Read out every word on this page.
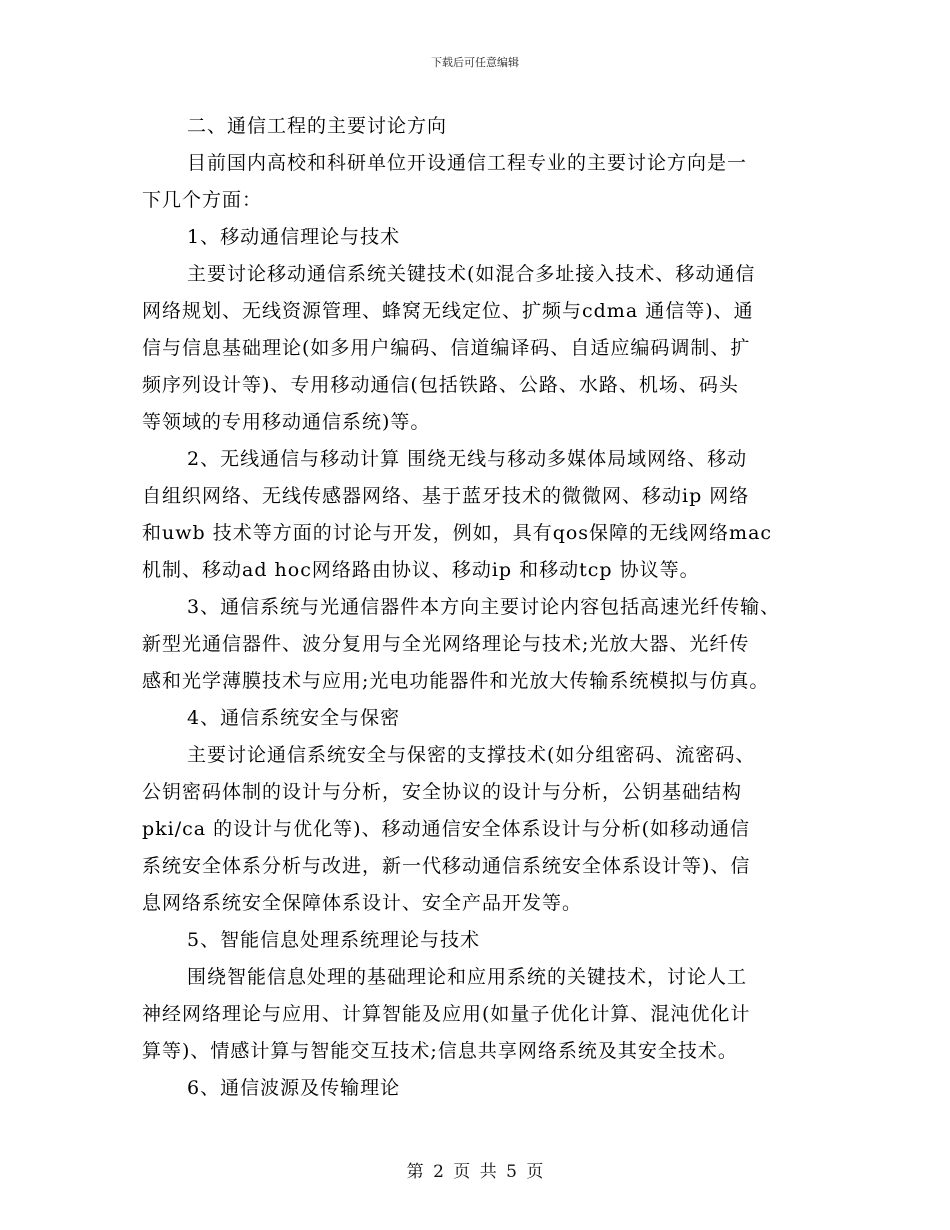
下载后可任意编辑
二、通信工程的主要讨论方向
目前国内高校和科研单位开设通信工程专业的主要讨论方向是一
下几个方面：
1、移动通信理论与技术
主要讨论移动通信系统关键技术(如混合多址接入技术、移动通信
网络规划、无线资源管理、蜂窝无线定位、扩频与cdma 通信等)、通
信与信息基础理论(如多用户编码、信道编译码、自适应编码调制、扩
频序列设计等)、专用移动通信(包括铁路、公路、水路、机场、码头
等领域的专用移动通信系统)等。
2、无线通信与移动计算 围绕无线与移动多媒体局域网络、移动
自组织网络、无线传感器网络、基于蓝牙技术的微微网、移动ip 网络
和uwb 技术等方面的讨论与开发，例如，具有qos保障的无线网络mac
机制、移动ad hoc网络路由协议、移动ip 和移动tcp 协议等。
3、通信系统与光通信器件本方向主要讨论内容包括高速光纤传输、
新型光通信器件、波分复用与全光网络理论与技术;光放大器、光纤传
感和光学薄膜技术与应用;光电功能器件和光放大传输系统模拟与仿真。
4、通信系统安全与保密
主要讨论通信系统安全与保密的支撑技术(如分组密码、流密码、
公钥密码体制的设计与分析，安全协议的设计与分析，公钥基础结构
pki/ca 的设计与优化等)、移动通信安全体系设计与分析(如移动通信
系统安全体系分析与改进，新一代移动通信系统安全体系设计等)、信
息网络系统安全保障体系设计、安全产品开发等。
5、智能信息处理系统理论与技术
围绕智能信息处理的基础理论和应用系统的关键技术，讨论人工
神经网络理论与应用、计算智能及应用(如量子优化计算、混沌优化计
算等)、情感计算与智能交互技术;信息共享网络系统及其安全技术。
6、通信波源及传输理论
第 2 页 共 5 页
